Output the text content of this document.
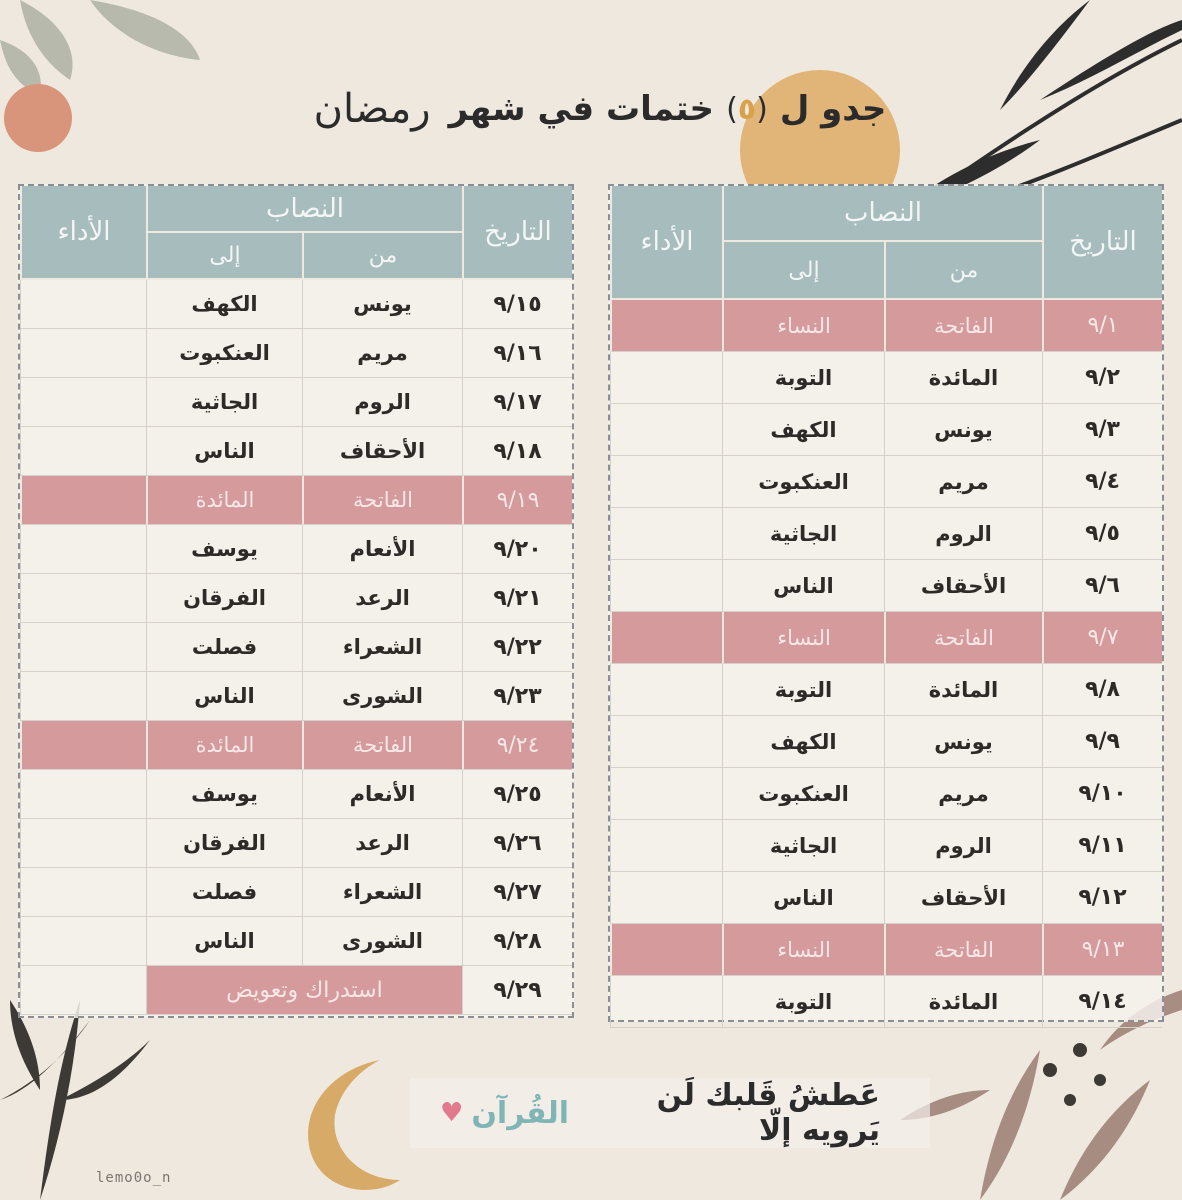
جدو ل
(
٥
)
ختمات في شهر
رمضان
الأداء
النصاب
التاريخ
إلى	من
النساء	الفاتحة	٩/١
التوبة	المائدة	٩/٢
الكهف	يونس	٩/٣
العنكبوت	مريم	٩/٤
الجاثية	الروم	٩/٥
الناس	الأحقاف	٩/٦
النساء	الفاتحة	٩/٧
التوبة	المائدة	٩/٨
الكهف	يونس	٩/٩
العنكبوت	مريم	٩/١٠
الجاثية	الروم	٩/١١
الناس	الأحقاف	٩/١٢
النساء	الفاتحة	٩/١٣
التوبة	المائدة	٩/١٤
الأداء
النصاب
التاريخ
إلى	من
الكهف	يونس	٩/١٥
العنكبوت	مريم	٩/١٦
الجاثية	الروم	٩/١٧
الناس	الأحقاف	٩/١٨
المائدة	الفاتحة	٩/١٩
يوسف	الأنعام	٩/٢٠
الفرقان	الرعد	٩/٢١
فصلت	الشعراء	٩/٢٢
الناس	الشورى	٩/٢٣
المائدة	الفاتحة	٩/٢٤
يوسف	الأنعام	٩/٢٥
الفرقان	الرعد	٩/٢٦
فصلت	الشعراء	٩/٢٧
الناس	الشورى	٩/٢٨
استدراك وتعويض	٩/٢٩
عَطشُ قَلبك لَن يَرويه إلّا
القُرآن
♥
lemo0o_n
